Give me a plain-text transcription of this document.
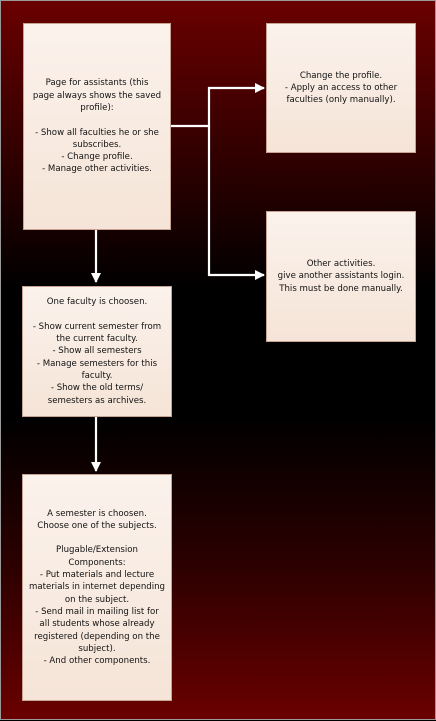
Page for assistants (this
page always shows the saved
profile):

- Show all faculties he or she
subscribes.
- Change profile.
- Manage other activities.
Change the profile.
- Apply an access to other
faculties (only manually).
Other activities.
give another assistants login.
This must be done manually.
One faculty is choosen.

- Show current semester from
the current faculty.
- Show all semesters
- Manage semesters for this
faculty.
- Show the old terms/
semesters as archives.
A semester is choosen.
Choose one of the subjects.

Plugable/Extension
Components:
- Put materials and lecture
materials in internet depending
on the subject.
- Send mail in mailing list for
all students whose already
registered (depending on the
subject).
- And other components.
